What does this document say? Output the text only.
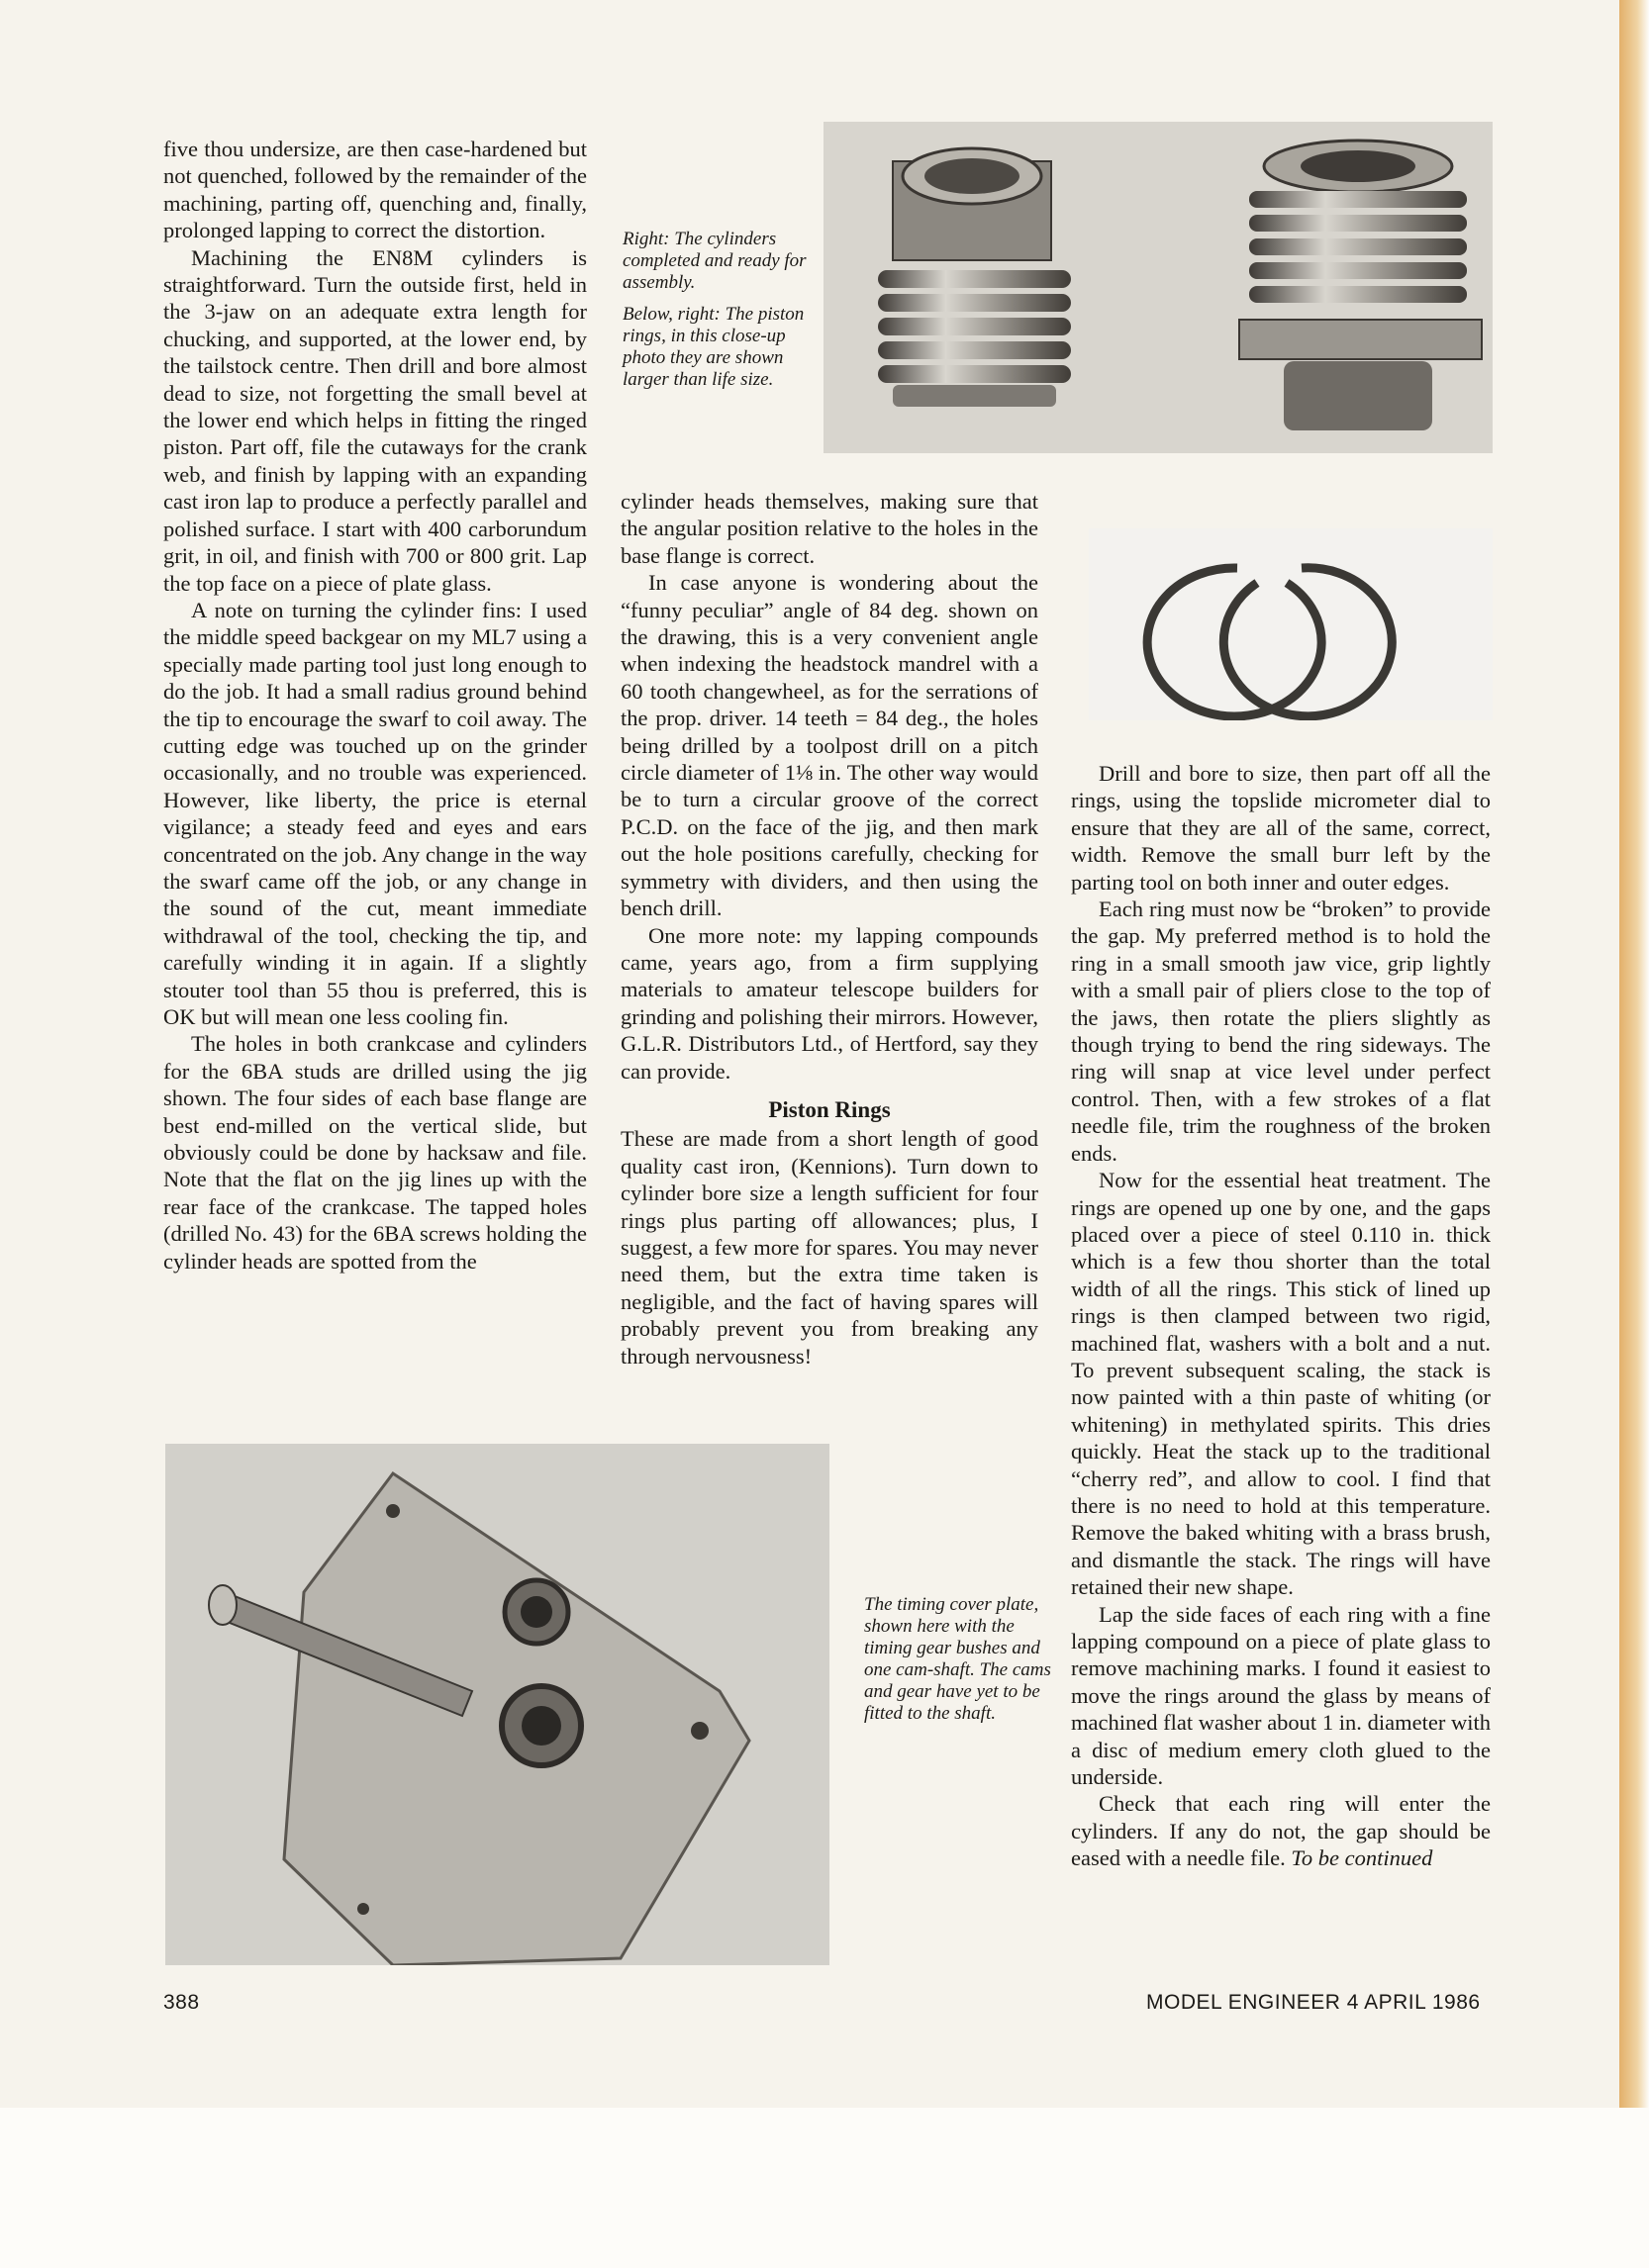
five thou undersize, are then case-hardened but not quenched, followed by the remainder of the machining, parting off, quenching and, finally, prolonged lapping to correct the distortion.

Machining the EN8M cylinders is straightforward. Turn the outside first, held in the 3-jaw on an adequate extra length for chucking, and supported, at the lower end, by the tailstock centre. Then drill and bore almost dead to size, not forgetting the small bevel at the lower end which helps in fitting the ringed piston. Part off, file the cutaways for the crank web, and finish by lapping with an expanding cast iron lap to produce a perfectly parallel and polished surface. I start with 400 carborundum grit, in oil, and finish with 700 or 800 grit. Lap the top face on a piece of plate glass.

A note on turning the cylinder fins: I used the middle speed backgear on my ML7 using a specially made parting tool just long enough to do the job. It had a small radius ground behind the tip to encourage the swarf to coil away. The cutting edge was touched up on the grinder occasionally, and no trouble was experienced. However, like liberty, the price is eternal vigilance; a steady feed and eyes and ears concentrated on the job. Any change in the way the swarf came off the job, or any change in the sound of the cut, meant immediate withdrawal of the tool, checking the tip, and carefully winding it in again. If a slightly stouter tool than 55 thou is preferred, this is OK but will mean one less cooling fin.

The holes in both crankcase and cylinders for the 6BA studs are drilled using the jig shown. The four sides of each base flange are best end-milled on the vertical slide, but obviously could be done by hacksaw and file. Note that the flat on the jig lines up with the rear face of the crankcase. The tapped holes (drilled No. 43) for the 6BA screws holding the cylinder heads are spotted from the

Right: The cylinders completed and ready for assembly.

Below, right: The piston rings, in this close-up photo they are shown larger than life size.

cylinder heads themselves, making sure that the angular position relative to the holes in the base flange is correct.

In case anyone is wondering about the “funny peculiar” angle of 84 deg. shown on the drawing, this is a very convenient angle when indexing the headstock mandrel with a 60 tooth changewheel, as for the serrations of the prop. driver. 14 teeth = 84 deg., the holes being drilled by a toolpost drill on a pitch circle diameter of 1⅛ in. The other way would be to turn a circular groove of the correct P.C.D. on the face of the jig, and then mark out the hole positions carefully, checking for symmetry with dividers, and then using the bench drill.

One more note: my lapping compounds came, years ago, from a firm supplying materials to amateur telescope builders for grinding and polishing their mirrors. However, G.L.R. Distributors Ltd., of Hertford, say they can provide.

Piston Rings

These are made from a short length of good quality cast iron, (Kennions). Turn down to cylinder bore size a length sufficient for four rings plus parting off allowances; plus, I suggest, a few more for spares. You may never need them, but the extra time taken is negligible, and the fact of having spares will probably prevent you from breaking any through nervousness!

Drill and bore to size, then part off all the rings, using the topslide micrometer dial to ensure that they are all of the same, correct, width. Remove the small burr left by the parting tool on both inner and outer edges.

Each ring must now be “broken” to provide the gap. My preferred method is to hold the ring in a small smooth jaw vice, grip lightly with a small pair of pliers close to the top of the jaws, then rotate the pliers slightly as though trying to bend the ring sideways. The ring will snap at vice level under perfect control. Then, with a few strokes of a flat needle file, trim the roughness of the broken ends.

Now for the essential heat treatment. The rings are opened up one by one, and the gaps placed over a piece of steel 0.110 in. thick which is a few thou shorter than the total width of all the rings. This stick of lined up rings is then clamped between two rigid, machined flat, washers with a bolt and a nut. To prevent subsequent scaling, the stack is now painted with a thin paste of whiting (or whitening) in methylated spirits. This dries quickly. Heat the stack up to the traditional “cherry red”, and allow to cool. I find that there is no need to hold at this temperature. Remove the baked whiting with a brass brush, and dismantle the stack. The rings will have retained their new shape.

Lap the side faces of each ring with a fine lapping compound on a piece of plate glass to remove machining marks. I found it easiest to move the rings around the glass by means of machined flat washer about 1 in. diameter with a disc of medium emery cloth glued to the underside.

Check that each ring will enter the cylinders. If any do not, the gap should be eased with a needle file. To be continued

The timing cover plate, shown here with the timing gear bushes and one cam-shaft. The cams and gear have yet to be fitted to the shaft.

388	MODEL ENGINEER 4 APRIL 1986
